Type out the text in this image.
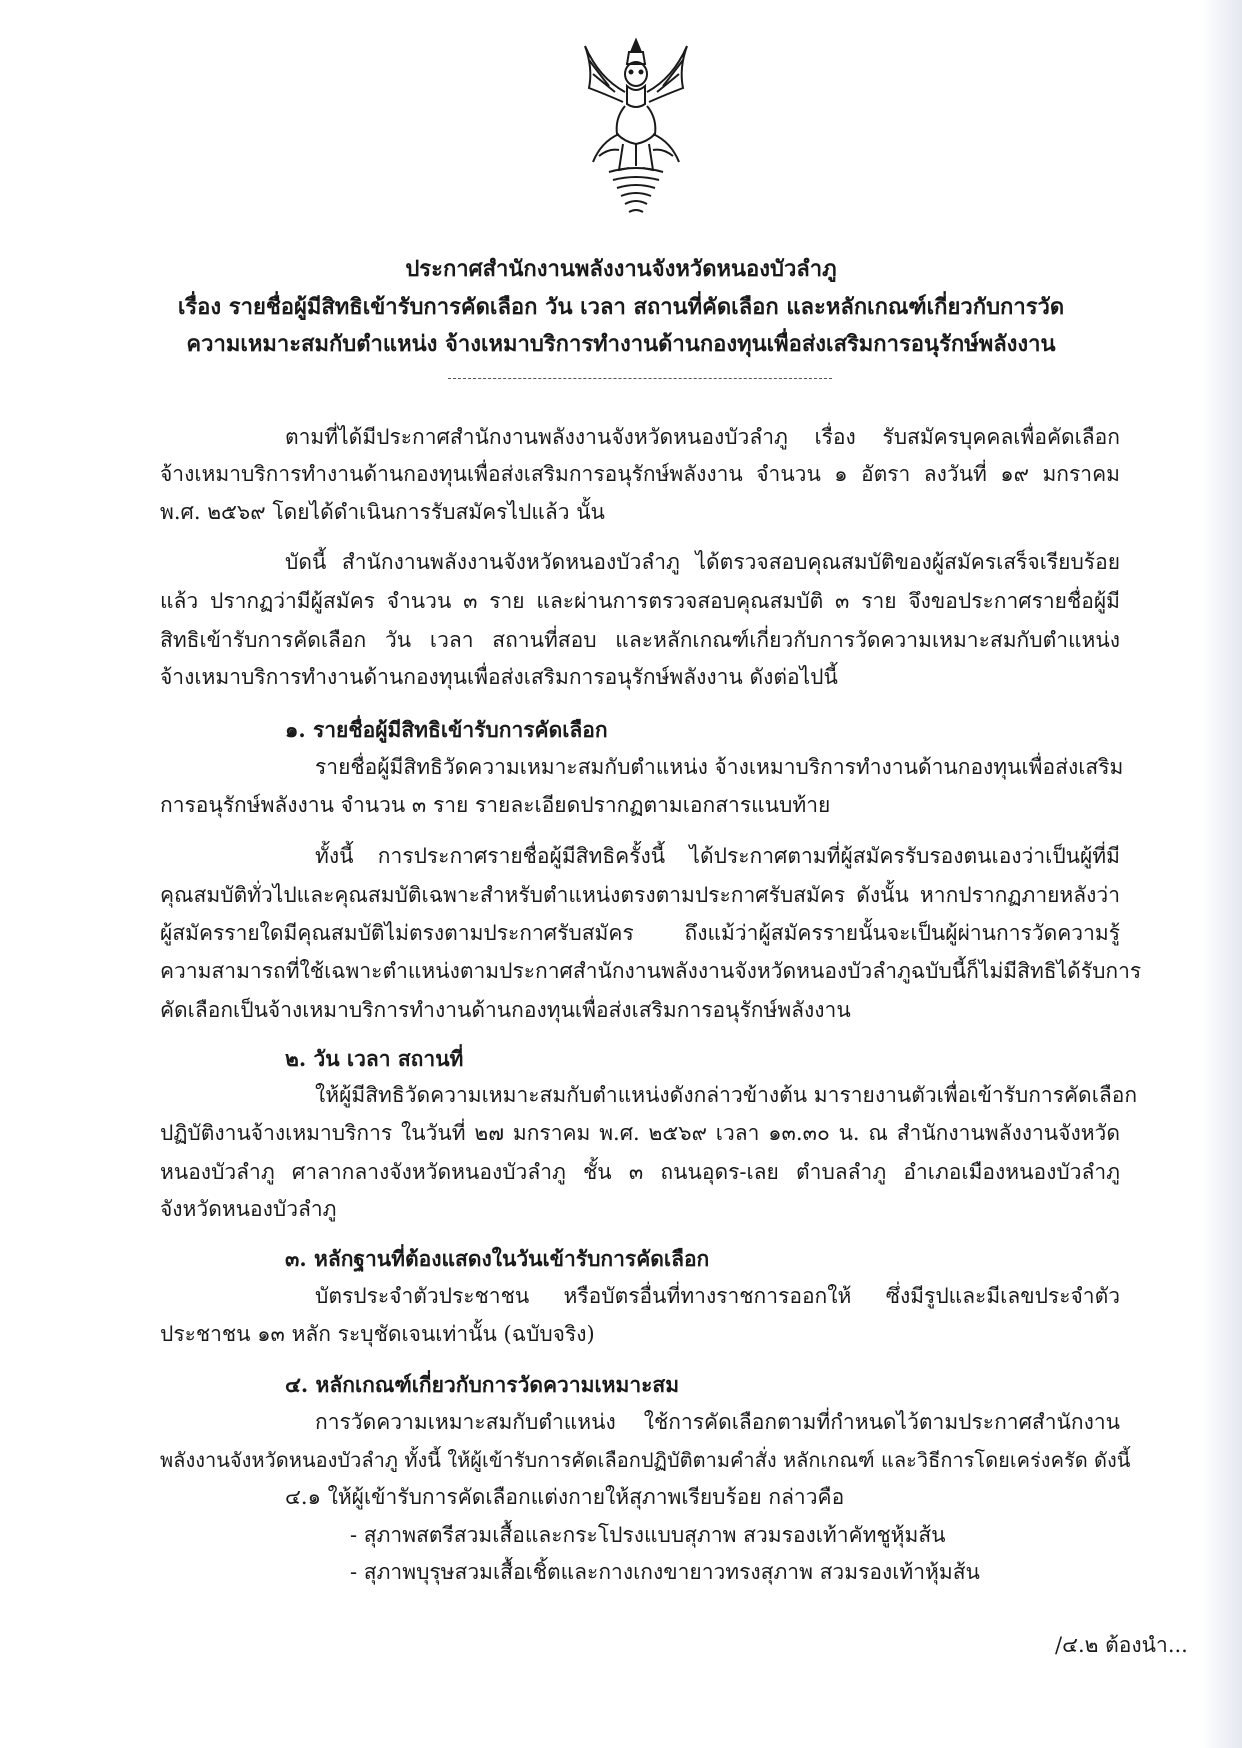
ประกาศสำนักงานพลังงานจังหวัดหนองบัวลำภู
เรื่อง รายชื่อผู้มีสิทธิเข้ารับการคัดเลือก วัน เวลา สถานที่คัดเลือก และหลักเกณฑ์เกี่ยวกับการวัด
ความเหมาะสมกับตำแหน่ง จ้างเหมาบริการทำงานด้านกองทุนเพื่อส่งเสริมการอนุรักษ์พลังงาน
ตามที่ได้มีประกาศสำนักงานพลังงานจังหวัดหนองบัวลำภู เรื่อง รับสมัครบุคคลเพื่อคัดเลือก
จ้างเหมาบริการทำงานด้านกองทุนเพื่อส่งเสริมการอนุรักษ์พลังงาน จำนวน ๑ อัตรา ลงวันที่ ๑๙ มกราคม
พ.ศ. ๒๕๖๙ โดยได้ดำเนินการรับสมัครไปแล้ว นั้น
บัดนี้ สำนักงานพลังงานจังหวัดหนองบัวลำภู ได้ตรวจสอบคุณสมบัติของผู้สมัครเสร็จเรียบร้อย
แล้ว ปรากฏว่ามีผู้สมัคร จำนวน ๓ ราย และผ่านการตรวจสอบคุณสมบัติ ๓ ราย จึงขอประกาศรายชื่อผู้มี
สิทธิเข้ารับการคัดเลือก วัน เวลา สถานที่สอบ และหลักเกณฑ์เกี่ยวกับการวัดความเหมาะสมกับตำแหน่ง
จ้างเหมาบริการทำงานด้านกองทุนเพื่อส่งเสริมการอนุรักษ์พลังงาน ดังต่อไปนี้
๑. รายชื่อผู้มีสิทธิเข้ารับการคัดเลือก
รายชื่อผู้มีสิทธิวัดความเหมาะสมกับตำแหน่ง จ้างเหมาบริการทำงานด้านกองทุนเพื่อส่งเสริม
การอนุรักษ์พลังงาน จำนวน ๓ ราย รายละเอียดปรากฏตามเอกสารแนบท้าย
ทั้งนี้ การประกาศรายชื่อผู้มีสิทธิครั้งนี้ ได้ประกาศตามที่ผู้สมัครรับรองตนเองว่าเป็นผู้ที่มี
คุณสมบัติทั่วไปและคุณสมบัติเฉพาะสำหรับตำแหน่งตรงตามประกาศรับสมัคร ดังนั้น หากปรากฏภายหลังว่า
ผู้สมัครรายใดมีคุณสมบัติไม่ตรงตามประกาศรับสมัคร ถึงแม้ว่าผู้สมัครรายนั้นจะเป็นผู้ผ่านการวัดความรู้
ความสามารถที่ใช้เฉพาะตำแหน่งตามประกาศสำนักงานพลังงานจังหวัดหนองบัวลำภูฉบับนี้ก็ไม่มีสิทธิได้รับการ
คัดเลือกเป็นจ้างเหมาบริการทำงานด้านกองทุนเพื่อส่งเสริมการอนุรักษ์พลังงาน
๒. วัน เวลา สถานที่
ให้ผู้มีสิทธิวัดความเหมาะสมกับตำแหน่งดังกล่าวข้างต้น มารายงานตัวเพื่อเข้ารับการคัดเลือก
ปฏิบัติงานจ้างเหมาบริการ ในวันที่ ๒๗ มกราคม พ.ศ. ๒๕๖๙ เวลา ๑๓.๓๐ น. ณ สำนักงานพลังงานจังหวัด
หนองบัวลำภู ศาลากลางจังหวัดหนองบัวลำภู ชั้น ๓ ถนนอุดร-เลย ตำบลลำภู อำเภอเมืองหนองบัวลำภู
จังหวัดหนองบัวลำภู
๓. หลักฐานที่ต้องแสดงในวันเข้ารับการคัดเลือก
บัตรประจำตัวประชาชน หรือบัตรอื่นที่ทางราชการออกให้ ซึ่งมีรูปและมีเลขประจำตัว
ประชาชน ๑๓ หลัก ระบุชัดเจนเท่านั้น (ฉบับจริง)
๔. หลักเกณฑ์เกี่ยวกับการวัดความเหมาะสม
การวัดความเหมาะสมกับตำแหน่ง ใช้การคัดเลือกตามที่กำหนดไว้ตามประกาศสำนักงาน
พลังงานจังหวัดหนองบัวลำภู ทั้งนี้ ให้ผู้เข้ารับการคัดเลือกปฏิบัติตามคำสั่ง หลักเกณฑ์ และวิธีการโดยเคร่งครัด ดังนี้
๔.๑ ให้ผู้เข้ารับการคัดเลือกแต่งกายให้สุภาพเรียบร้อย กล่าวคือ
- สุภาพสตรีสวมเสื้อและกระโปรงแบบสุภาพ สวมรองเท้าคัทชูหุ้มส้น
- สุภาพบุรุษสวมเสื้อเชิ้ตและกางเกงขายาวทรงสุภาพ สวมรองเท้าหุ้มส้น
/๔.๒ ต้องนำ...
